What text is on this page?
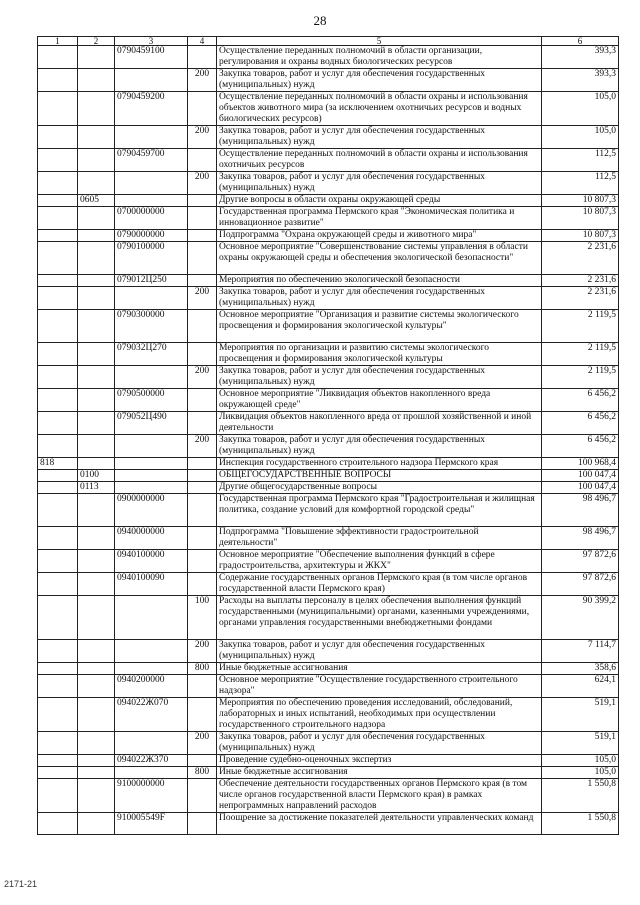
28
1	2	3	4	5	6
		0790459100		Осуществление переданных полномочий в области организации, регулирования и охраны водных биологических ресурсов	393,3
			200	Закупка товаров, работ и услуг для обеспечения государственных (муниципальных) нужд	393,3
		0790459200		Осуществление переданных полномочий в области охраны и использования объектов животного мира (за исключением охотничьих ресурсов и водных биологических ресурсов)	105,0
			200	Закупка товаров, работ и услуг для обеспечения государственных (муниципальных) нужд	105,0
		0790459700		Осуществление переданных полномочий в области охраны и использования охотничьих ресурсов	112,5
			200	Закупка товаров, работ и услуг для обеспечения государственных (муниципальных) нужд	112,5
	0605			Другие вопросы в области охраны окружающей среды	10 807,3
		0700000000		Государственная программа Пермского края "Экономическая политика и инновационное развитие"	10 807,3
		0790000000		Подпрограмма "Охрана окружающей среды и животного мира"	10 807,3
		0790100000		Основное мероприятие "Совершенствование системы управления в области охраны окружающей среды и обеспечения экологической безопасности"	2 231,6
		079012Ц250		Мероприятия по обеспечению экологической безопасности	2 231,6
			200	Закупка товаров, работ и услуг для обеспечения государственных (муниципальных) нужд	2 231,6
		0790300000		Основное мероприятие "Организация и развитие системы экологического просвещения и формирования экологической культуры"	2 119,5
		079032Ц270		Мероприятия по организации и развитию системы экологического просвещения и формирования экологической культуры	2 119,5
			200	Закупка товаров, работ и услуг для обеспечения государственных (муниципальных) нужд	2 119,5
		0790500000		Основное мероприятие "Ликвидация объектов накопленного вреда окружающей среде"	6 456,2
		079052Ц490		Ликвидация объектов накопленного вреда от прошлой хозяйственной и иной деятельности	6 456,2
			200	Закупка товаров, работ и услуг для обеспечения государственных (муниципальных) нужд	6 456,2
818				Инспекция государственного строительного надзора Пермского края	100 968,4
	0100			ОБЩЕГОСУДАРСТВЕННЫЕ ВОПРОСЫ	100 047,4
	0113			Другие общегосударственные вопросы	100 047,4
		0900000000		Государственная программа Пермского края "Градостроительная и жилищная политика, создание условий для комфортной городской среды"	98 496,7
		0940000000		Подпрограмма "Повышение эффективности градостроительной деятельности"	98 496,7
		0940100000		Основное мероприятие "Обеспечение выполнения функций в сфере градостроительства, архитектуры и ЖКХ"	97 872,6
		0940100090		Содержание государственных органов Пермского края (в том числе органов государственной власти Пермского края)	97 872,6
			100	Расходы на выплаты персоналу в целях обеспечения выполнения функций государственными (муниципальными) органами, казенными учреждениями, органами управления государственными внебюджетными фондами	90 399,2
			200	Закупка товаров, работ и услуг для обеспечения государственных (муниципальных) нужд	7 114,7
			800	Иные бюджетные ассигнования	358,6
		0940200000		Основное мероприятие "Осуществление государственного строительного надзора"	624,1
		094022Ж070		Мероприятия по обеспечению проведения исследований, обследований, лабораторных и иных испытаний, необходимых при осуществлении государственного строительного надзора	519,1
			200	Закупка товаров, работ и услуг для обеспечения государственных (муниципальных) нужд	519,1
		094022Ж370		Проведение судебно-оценочных экспертиз	105,0
			800	Иные бюджетные ассигнования	105,0
		9100000000		Обеспечение деятельности государственных органов Пермского края (в том числе органов государственной власти Пермского края) в рамках непрограммных направлений расходов	1 550,8
		910005549F		Поощрение за достижение показателей деятельности управленческих команд	1 550,8
2171-21
